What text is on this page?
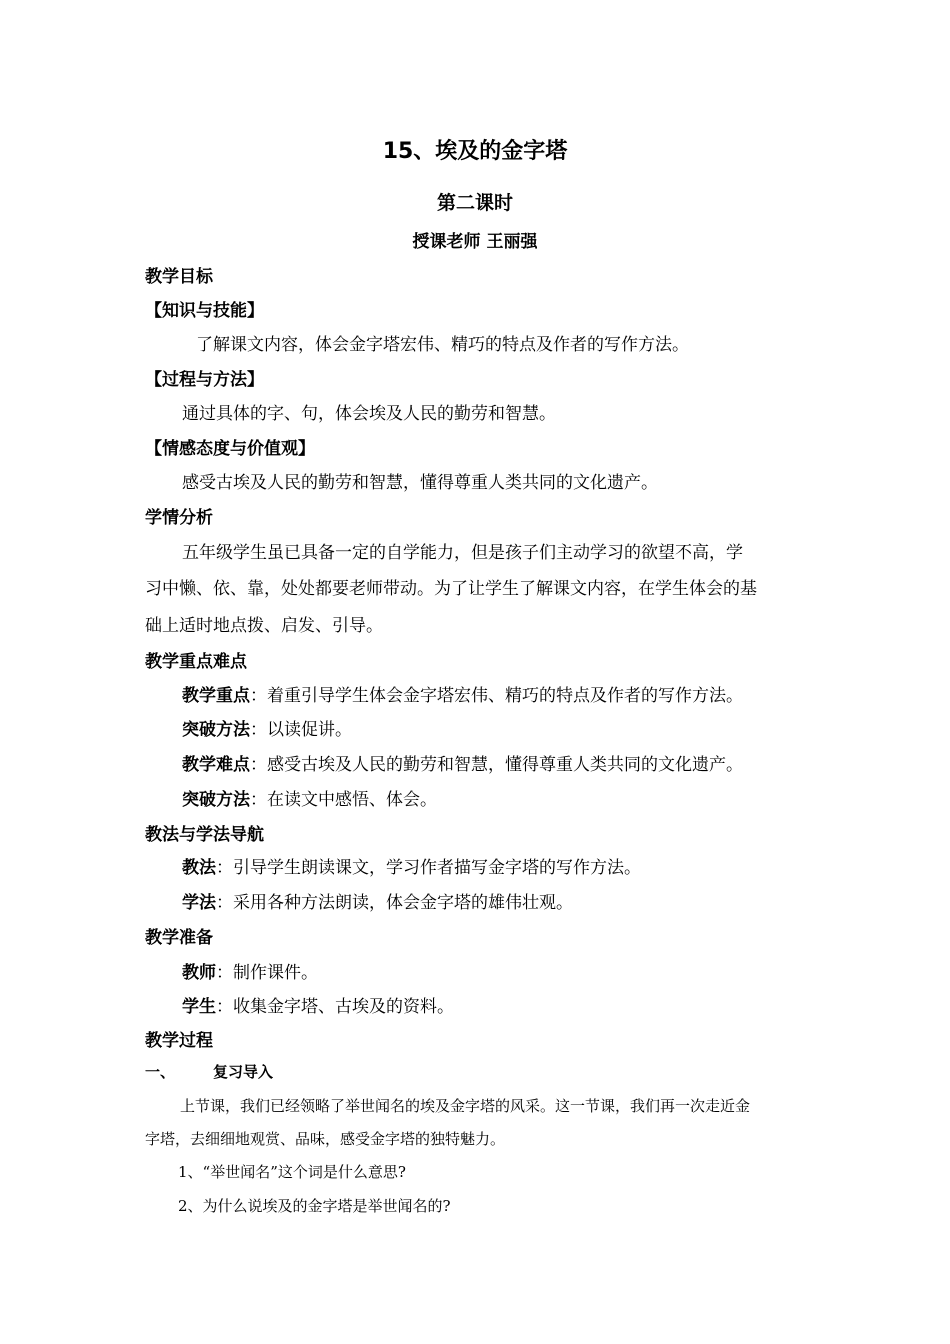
15、埃及的金字塔
第二课时
授课老师 王丽强
教学目标
【知识与技能】
了解课文内容，体会金字塔宏伟、精巧的特点及作者的写作方法。
【过程与方法】
通过具体的字、句，体会埃及人民的勤劳和智慧。
【情感态度与价值观】
感受古埃及人民的勤劳和智慧，懂得尊重人类共同的文化遗产。
学情分析
五年级学生虽已具备一定的自学能力，但是孩子们主动学习的欲望不高，学
习中懒、依、靠，处处都要老师带动。为了让学生了解课文内容，在学生体会的基
础上适时地点拨、启发、引导。
教学重点难点
教学重点：着重引导学生体会金字塔宏伟、精巧的特点及作者的写作方法。
突破方法：以读促讲。
教学难点：感受古埃及人民的勤劳和智慧，懂得尊重人类共同的文化遗产。
突破方法：在读文中感悟、体会。
教法与学法导航
教法：引导学生朗读课文，学习作者描写金字塔的写作方法。
学法：采用各种方法朗读，体会金字塔的雄伟壮观。
教学准备
教师：制作课件。
学生：收集金字塔、古埃及的资料。
教学过程
一、	复习导入
上节课，我们已经领略了举世闻名的埃及金字塔的风采。这一节课，我们再一次走近金
字塔，去细细地观赏、品味，感受金字塔的独特魅力。
1、“举世闻名”这个词是什么意思?
2、为什么说埃及的金字塔是举世闻名的?
